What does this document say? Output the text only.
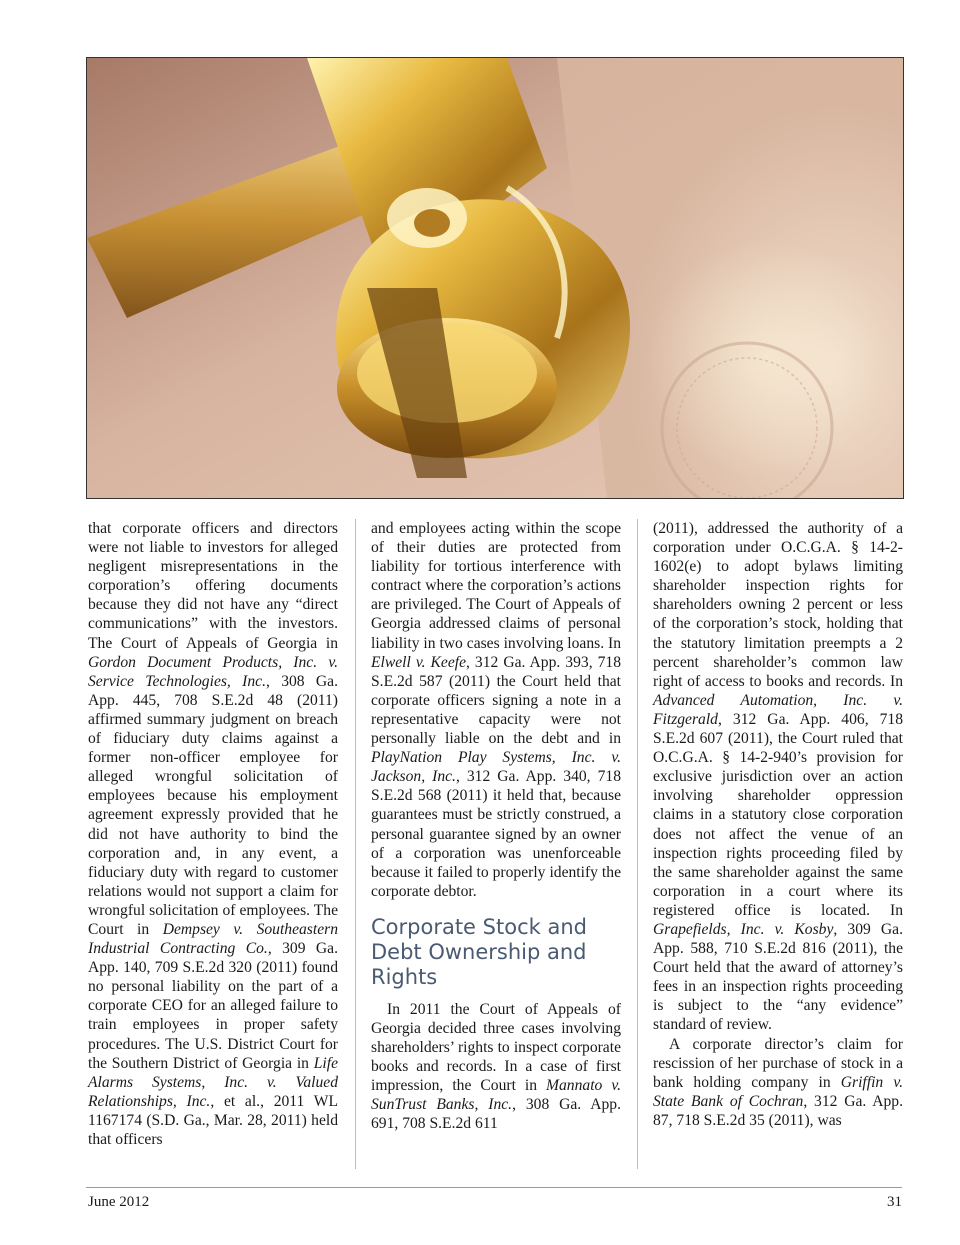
that corporate officers and directors were not liable to investors for alleged negligent misrepresentations in the corporation’s offering documents because they did not have any “direct communications” with the investors. The Court of Appeals of Georgia in Gordon Document Products, Inc. v. Service Technologies, Inc., 308 Ga. App. 445, 708 S.E.2d 48 (2011) affirmed summary judgment on breach of fiduciary duty claims against a former non-officer employee for alleged wrongful solicitation of employees because his employment agreement expressly provided that he did not have authority to bind the corporation and, in any event, a fiduciary duty with regard to customer relations would not support a claim for wrongful solicitation of employees. The Court in Dempsey v. Southeastern Industrial Contracting Co., 309 Ga. App. 140, 709 S.E.2d 320 (2011) found no personal liability on the part of a corporate CEO for an alleged failure to train employees in proper safety procedures. The U.S. District Court for the Southern District of Georgia in Life Alarms Systems, Inc. v. Valued Relationships, Inc., et al., 2011 WL 1167174 (S.D. Ga., Mar. 28, 2011) held that officers

and employees acting within the scope of their duties are protected from liability for tortious interference with contract where the corporation’s actions are privileged. The Court of Appeals of Georgia addressed claims of personal liability in two cases involving loans. In Elwell v. Keefe, 312 Ga. App. 393, 718 S.E.2d 587 (2011) the Court held that corporate officers signing a note in a representative capacity were not personally liable on the debt and in PlayNation Play Systems, Inc. v. Jackson, Inc., 312 Ga. App. 340, 718 S.E.2d 568 (2011) it held that, because guarantees must be strictly construed, a personal guarantee signed by an owner of a corporation was unenforceable because it failed to properly identify the corporate debtor.

Corporate Stock and Debt Ownership and Rights

In 2011 the Court of Appeals of Georgia decided three cases involving shareholders’ rights to inspect corporate books and records. In a case of first impression, the Court in Mannato v. SunTrust Banks, Inc., 308 Ga. App. 691, 708 S.E.2d 611

(2011), addressed the authority of a corporation under O.C.G.A. § 14-2-1602(e) to adopt bylaws limiting shareholder inspection rights for shareholders owning 2 percent or less of the corporation’s stock, holding that the statutory limitation preempts a 2 percent shareholder’s common law right of access to books and records. In Advanced Automation, Inc. v. Fitzgerald, 312 Ga. App. 406, 718 S.E.2d 607 (2011), the Court ruled that O.C.G.A. § 14-2-940’s provision for exclusive jurisdiction over an action involving shareholder oppression claims in a statutory close corporation does not affect the venue of an inspection rights proceeding filed by the same shareholder against the same corporation in a court where its registered office is located. In Grapefields, Inc. v. Kosby, 309 Ga. App. 588, 710 S.E.2d 816 (2011), the Court held that the award of attorney’s fees in an inspection rights proceeding is subject to the “any evidence” standard of review.

A corporate director’s claim for rescission of her purchase of stock in a bank holding company in Griffin v. State Bank of Cochran, 312 Ga. App. 87, 718 S.E.2d 35 (2011), was

June 2012	31
